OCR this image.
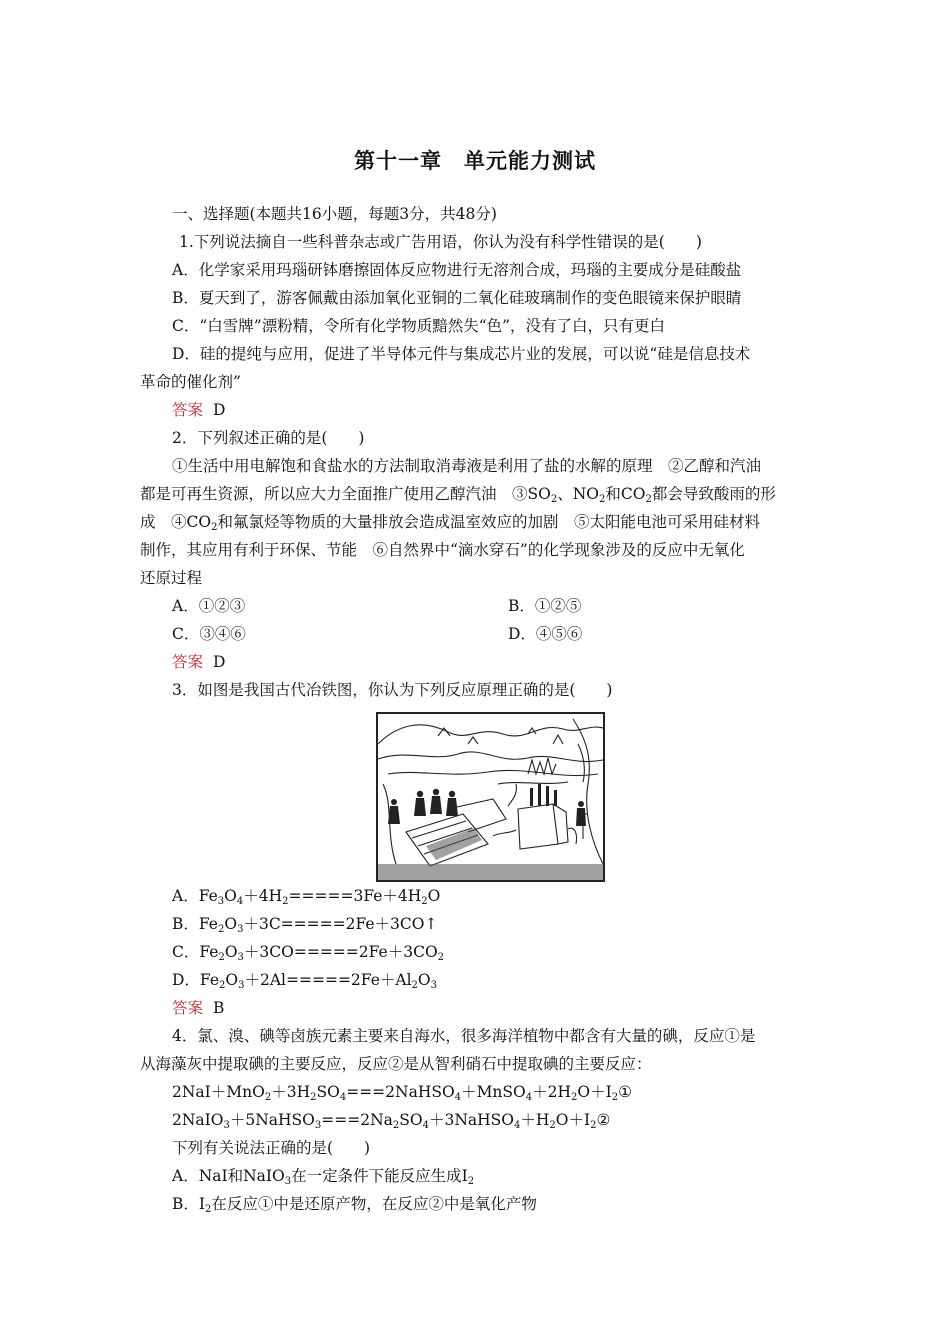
第十一章　单元能力测试
一、选择题(本题共16小题，每题3分，共48分)
1.下列说法摘自一些科普杂志或广告用语，你认为没有科学性错误的是(　　)
A．化学家采用玛瑙研钵磨擦固体反应物进行无溶剂合成，玛瑙的主要成分是硅酸盐
B．夏天到了，游客佩戴由添加氧化亚铜的二氧化硅玻璃制作的变色眼镜来保护眼睛
C．“白雪牌”漂粉精，令所有化学物质黯然失“色”，没有了白，只有更白
D．硅的提纯与应用，促进了半导体元件与集成芯片业的发展，可以说“硅是信息技术
革命的催化剂”
答案 D
2．下列叙述正确的是(　　)
①生活中用电解饱和食盐水的方法制取消毒液是利用了盐的水解的原理　②乙醇和汽油
都是可再生资源，所以应大力全面推广使用乙醇汽油　$③SO_2$、$NO_2$和$CO_2$都会导致酸雨的形
成　$④CO_2$和氟氯烃等物质的大量排放会造成温室效应的加剧　⑤太阳能电池可采用硅材料
制作，其应用有利于环保、节能　⑥自然界中“滴水穿石”的化学现象涉及的反应中无氧化
还原过程
A．①②③	B．①②⑤
C．③④⑥	D．④⑤⑥
答案 D
3．如图是我国古代冶铁图，你认为下列反应原理正确的是(　　)
A．$Fe_3O_4+4H_2=====3Fe+4H_2O$
B．$Fe_2O_3+3C=====2Fe+3CO↑$
C．$Fe_2O_3+3CO=====2Fe+3CO_2$
D．$Fe_2O_3+2Al=====2Fe+Al_2O_3$
答案 B
4．氯、溴、碘等卤族元素主要来自海水，很多海洋植物中都含有大量的碘，反应①是
从海藻灰中提取碘的主要反应，反应②是从智利硝石中提取碘的主要反应：
$2NaI+MnO_2+3H_2SO_4===2NaHSO_4+MnSO_4+2H_2O+I_2①$
$2NaIO_3+5NaHSO_3===2Na_2SO_4+3NaHSO_4+H_2O+I_2②$
下列有关说法正确的是(　　)
A．NaI和NaIO$_3$在一定条件下能反应生成$I_2$
B．$I_2$在反应①中是还原产物，在反应②中是氧化产物
